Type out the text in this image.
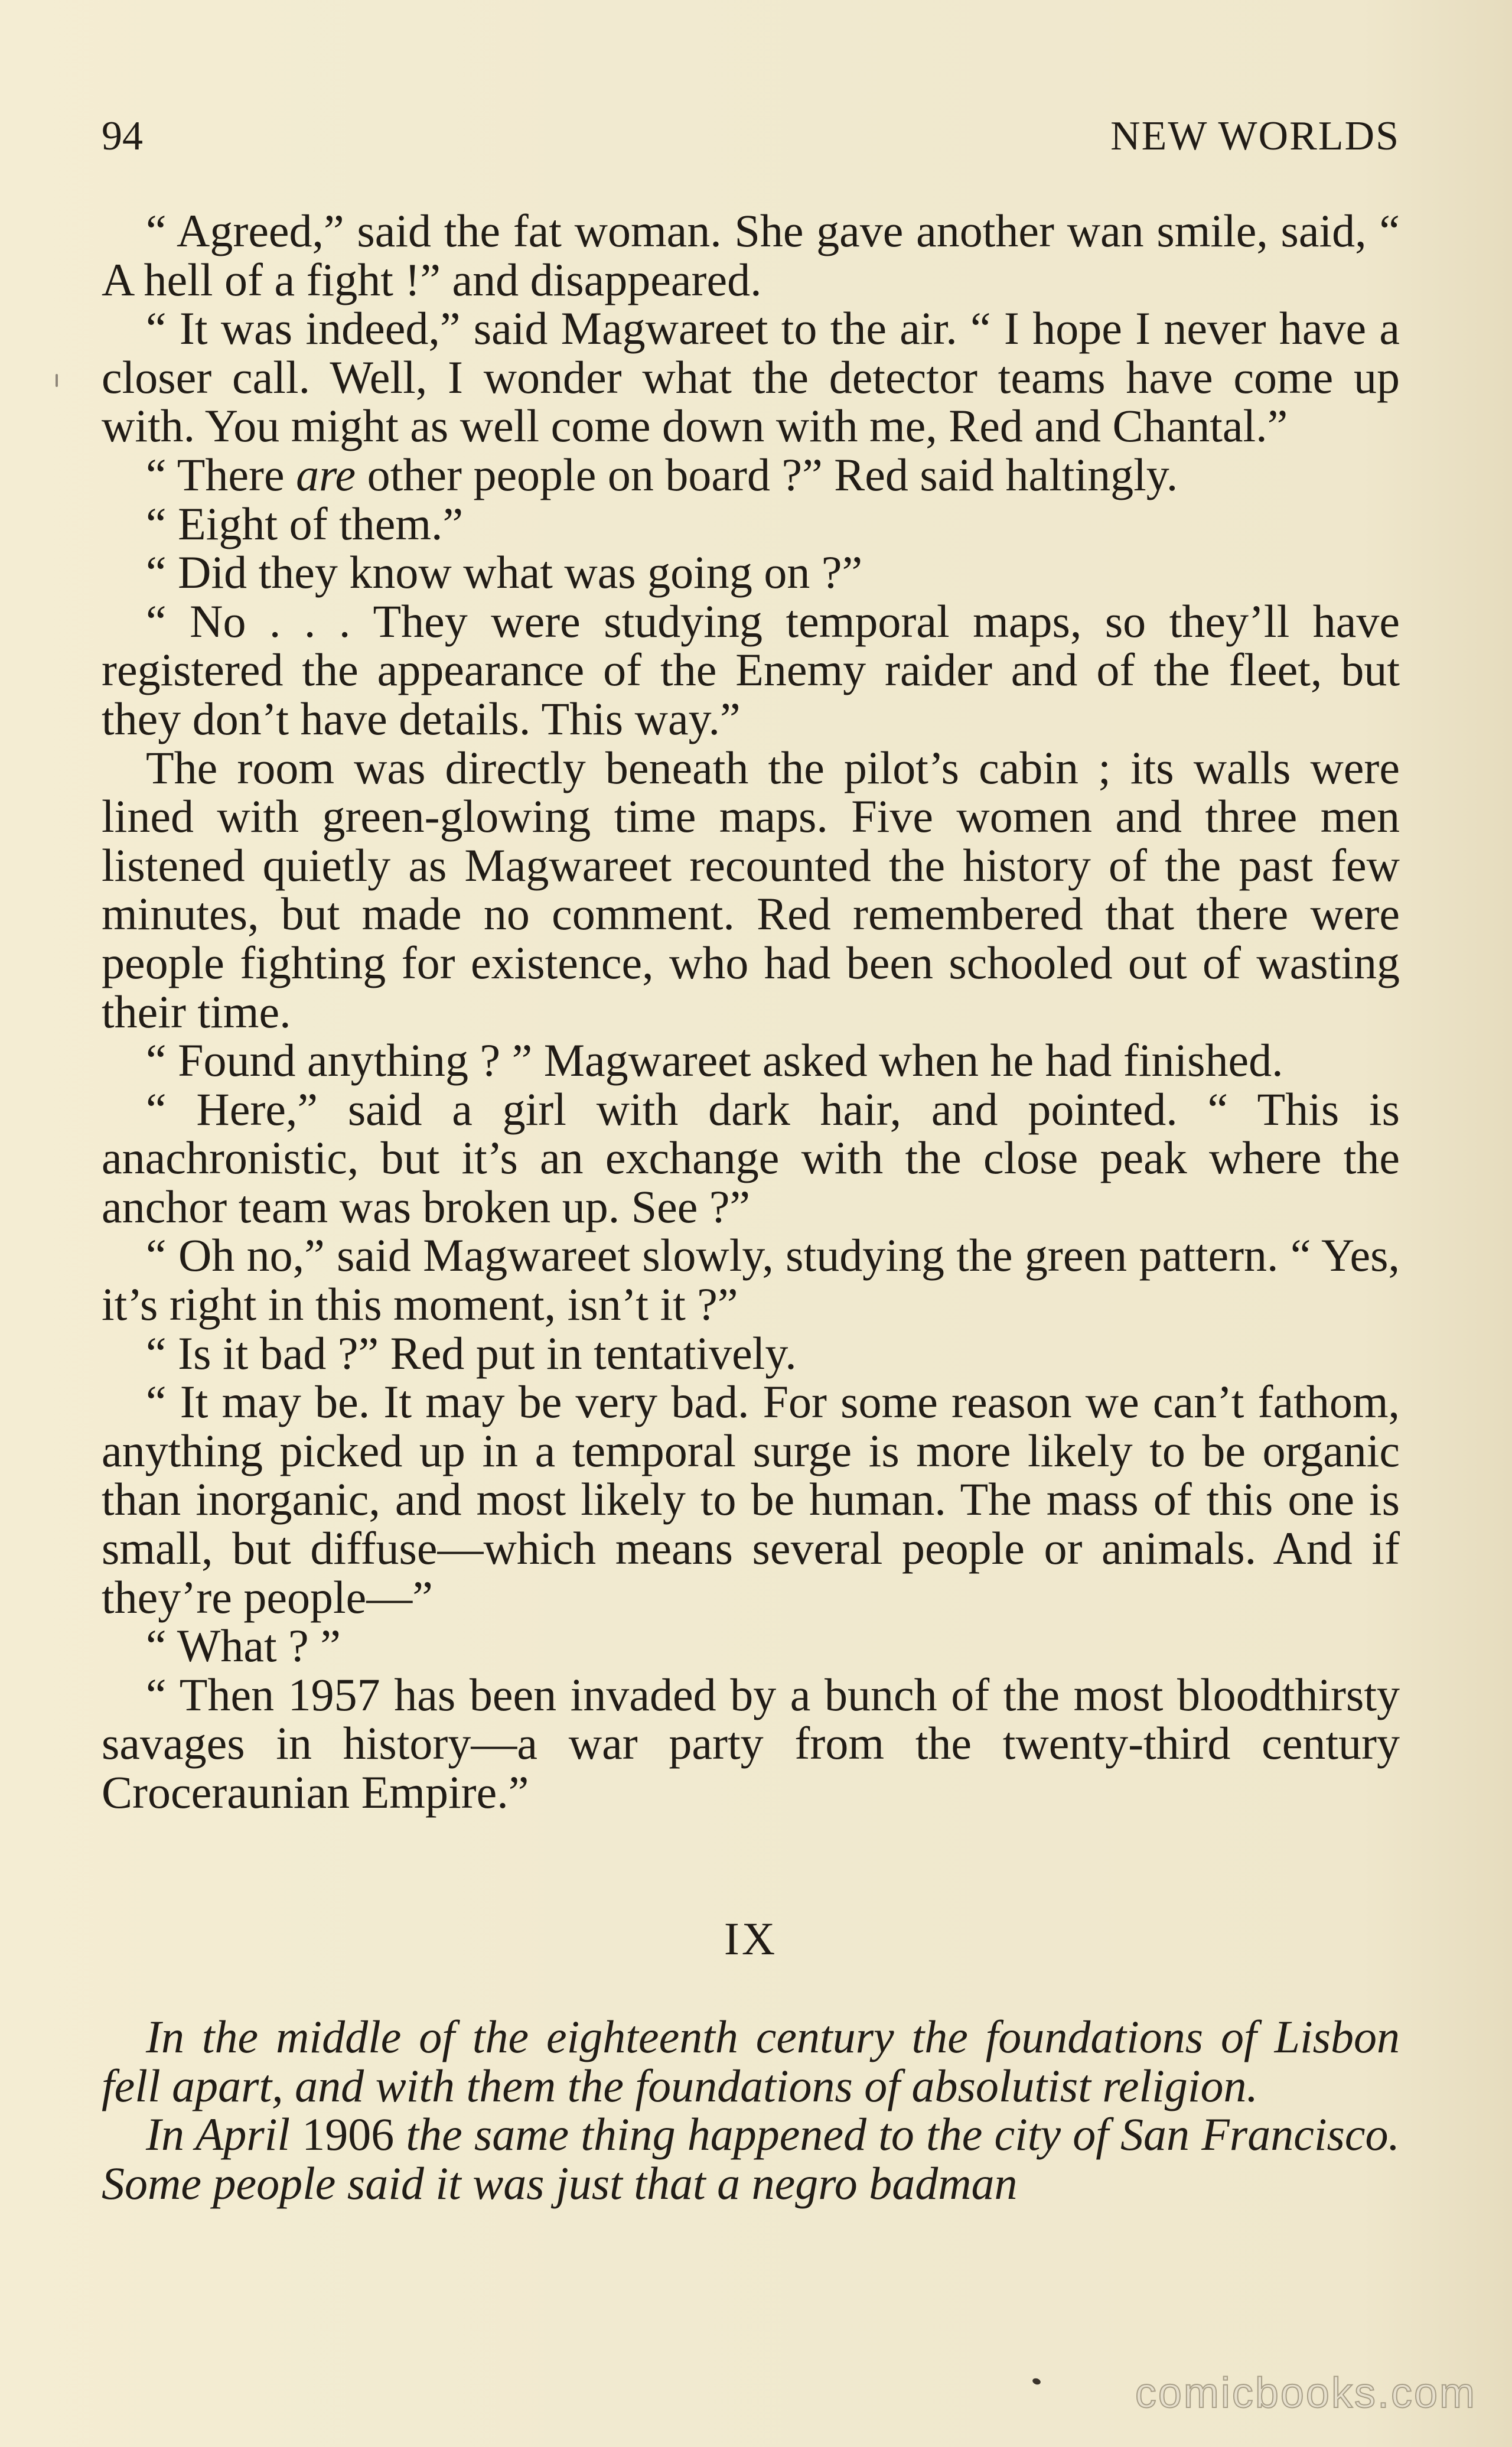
94	NEW WORLDS

“ Agreed,” said the fat woman. She gave another wan smile, said, “ A hell of a fight !” and disappeared.

“ It was indeed,” said Magwareet to the air. “ I hope I never have a closer call. Well, I wonder what the detector teams have come up with. You might as well come down with me, Red and Chantal.”

“ There are other people on board ?” Red said haltingly.

“ Eight of them.”

“ Did they know what was going on ?”

“ No . . . They were studying temporal maps, so they’ll have registered the appearance of the Enemy raider and of the fleet, but they don’t have details. This way.”

The room was directly beneath the pilot’s cabin ; its walls were lined with green-glowing time maps. Five women and three men listened quietly as Magwareet recounted the history of the past few minutes, but made no comment. Red remembered that there were people fighting for existence, who had been schooled out of wasting their time.

“ Found anything ? ” Magwareet asked when he had finished.

“ Here,” said a girl with dark hair, and pointed. “ This is anachronistic, but it’s an exchange with the close peak where the anchor team was broken up. See ?”

“ Oh no,” said Magwareet slowly, studying the green pattern. “ Yes, it’s right in this moment, isn’t it ?”

“ Is it bad ?” Red put in tentatively.

“ It may be. It may be very bad. For some reason we can’t fathom, anything picked up in a temporal surge is more likely to be organic than inorganic, and most likely to be human. The mass of this one is small, but diffuse—which means several people or animals. And if they’re people—”

“ What ? ”

“ Then 1957 has been invaded by a bunch of the most bloodthirsty savages in history—a war party from the twenty-third century Croceraunian Empire.”

IX

In the middle of the eighteenth century the foundations of Lisbon fell apart, and with them the foundations of absolutist religion.

In April 1906 the same thing happened to the city of San Francisco. Some people said it was just that a negro badman

comicbooks.com
